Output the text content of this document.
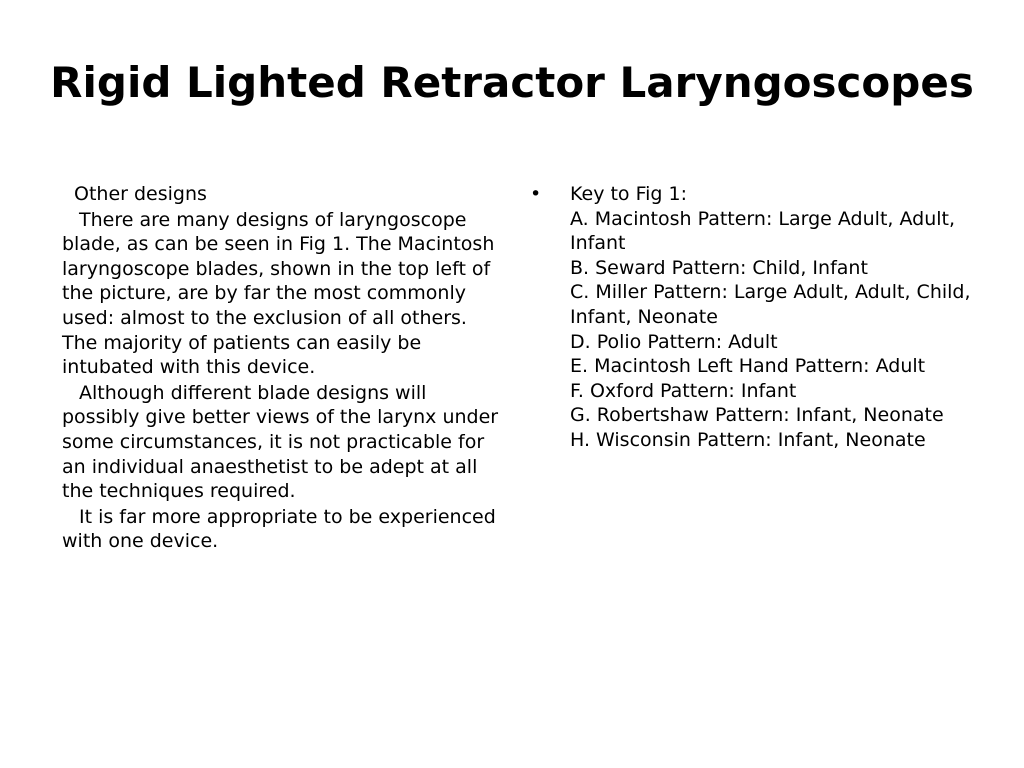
Rigid Lighted Retractor Laryngoscopes

Other designs

There are many designs of laryngoscope blade, as can be seen in Fig 1. The Macintosh laryngoscope blades, shown in the top left of the picture, are by far the most commonly used: almost to the exclusion of all others. The majority of patients can easily be intubated with this device.

Although different blade designs will possibly give better views of the larynx under some circumstances, it is not practicable for an individual anaesthetist to be adept at all the techniques required.

It is far more appropriate to be experienced with one device.

•	Key to Fig 1:
A. Macintosh Pattern: Large Adult, Adult, Infant
B. Seward Pattern: Child, Infant
C. Miller Pattern: Large Adult, Adult, Child, Infant, Neonate
D. Polio Pattern: Adult
E. Macintosh Left Hand Pattern: Adult
F. Oxford Pattern: Infant
G. Robertshaw Pattern: Infant, Neonate
H. Wisconsin Pattern: Infant, Neonate
